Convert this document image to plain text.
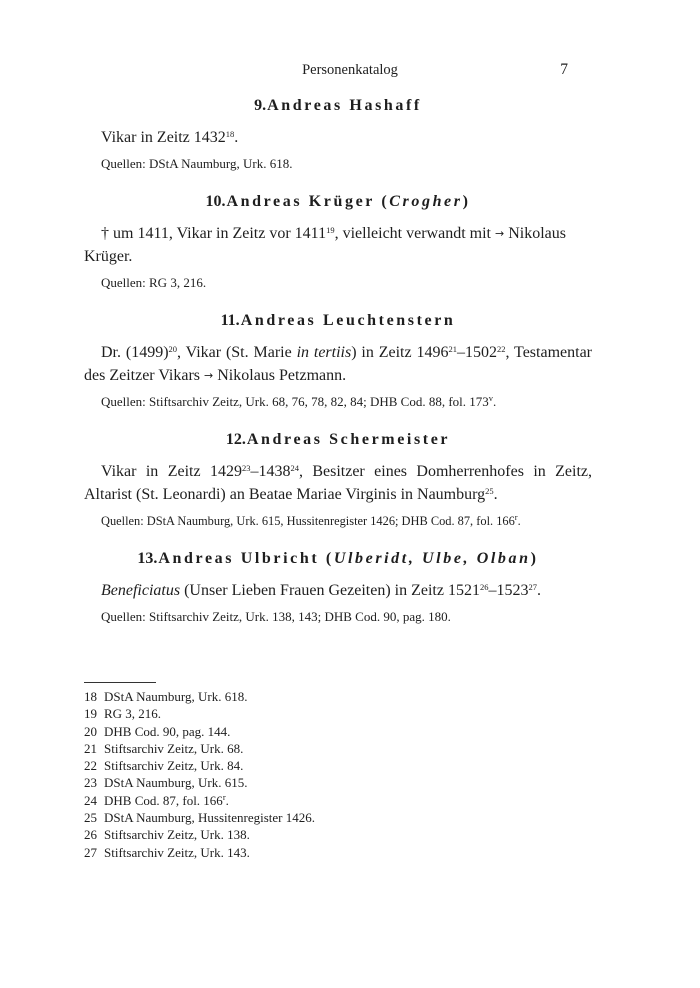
Personenkatalog	7
9.Andreas Hashaff

Vikar in Zeitz 1432$^{18}$.

Quellen: DStA Naumburg, Urk. 618.

10.Andreas Krüger (Crogher)

† um 1411, Vikar in Zeitz vor 1411$^{19}$, vielleicht verwandt mit → Nikolaus Krüger.

Quellen: RG 3, 216.

11.Andreas Leuchtenstern

Dr. $(1499)^{20}$, Vikar (St. Marie in tertiis) in Zeitz 1496$^{21}$–1502$^{22}$, Testamentar des Zeitzer Vikars → Nikolaus Petzmann.

Quellen: Stiftsarchiv Zeitz, Urk. 68, 76, 78, 82, 84; DHB Cod. 88, fol. 173$^v$.

12.Andreas Schermeister

Vikar in Zeitz 1429$^{23}$–1438$^{24}$, Besitzer eines Domherrenhofes in Zeitz, Altarist (St. Leonardi) an Beatae Mariae Virginis in Naumburg$^{25}$.

Quellen: DStA Naumburg, Urk. 615, Hussitenregister 1426; DHB Cod. 87, fol. 166$^r$.

13.Andreas Ulbricht (Ulberidt, Ulbe, Olban)

Beneficiatus (Unser Lieben Frauen Gezeiten) in Zeitz 1521$^{26}$–1523$^{27}$.

Quellen: Stiftsarchiv Zeitz, Urk. 138, 143; DHB Cod. 90, pag. 180.

18 DStA Naumburg, Urk. 618.
19 RG 3, 216.
20 DHB Cod. 90, pag. 144.
21 Stiftsarchiv Zeitz, Urk. 68.
22 Stiftsarchiv Zeitz, Urk. 84.
23 DStA Naumburg, Urk. 615.
24 DHB Cod. 87, fol. 166$^r$.
25 DStA Naumburg, Hussitenregister 1426.
26 Stiftsarchiv Zeitz, Urk. 138.
27 Stiftsarchiv Zeitz, Urk. 143.
